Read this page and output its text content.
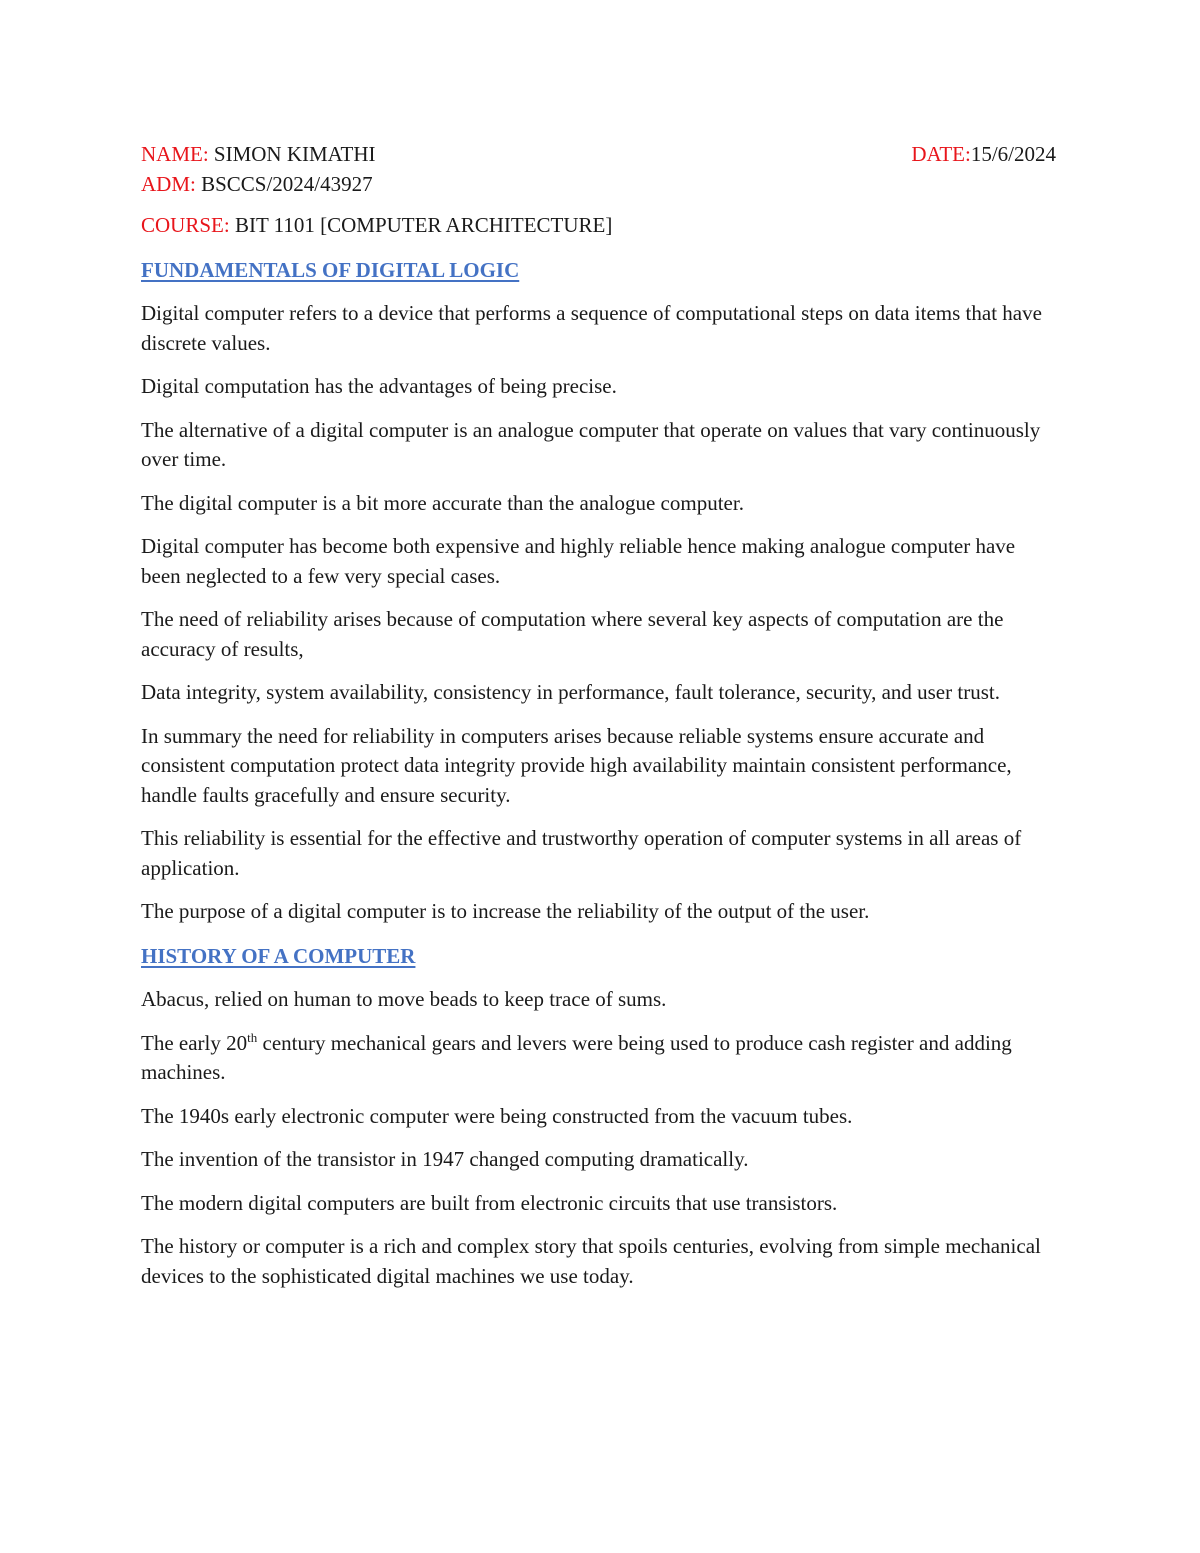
NAME: SIMON KIMATHI	DATE:15/6/2024
ADM: BSCCS/2024/43927
COURSE: BIT 1101 [COMPUTER ARCHITECTURE]
FUNDAMENTALS OF DIGITAL LOGIC

Digital computer refers to a device that performs a sequence of computational steps on data items that have discrete values.

Digital computation has the advantages of being precise.

The alternative of a digital computer is an analogue computer that operate on values that vary continuously over time.

The digital computer is a bit more accurate than the analogue computer.

Digital computer has become both expensive and highly reliable hence making analogue computer have been neglected to a few very special cases.

The need of reliability arises because of computation where several key aspects of computation are the accuracy of results,

Data integrity, system availability, consistency in performance, fault tolerance, security, and user trust.

In summary the need for reliability in computers arises because reliable systems ensure accurate and consistent computation protect data integrity provide high availability maintain consistent performance, handle faults gracefully and ensure security.

This reliability is essential for the effective and trustworthy operation of computer systems in all areas of application.

The purpose of a digital computer is to increase the reliability of the output of the user.

HISTORY OF A COMPUTER

Abacus, relied on human to move beads to keep trace of sums.

The early 20th century mechanical gears and levers were being used to produce cash register and adding machines.

The 1940s early electronic computer were being constructed from the vacuum tubes.

The invention of the transistor in 1947 changed computing dramatically.

The modern digital computers are built from electronic circuits that use transistors.

The history or computer is a rich and complex story that spoils centuries, evolving from simple mechanical devices to the sophisticated digital machines we use today.
